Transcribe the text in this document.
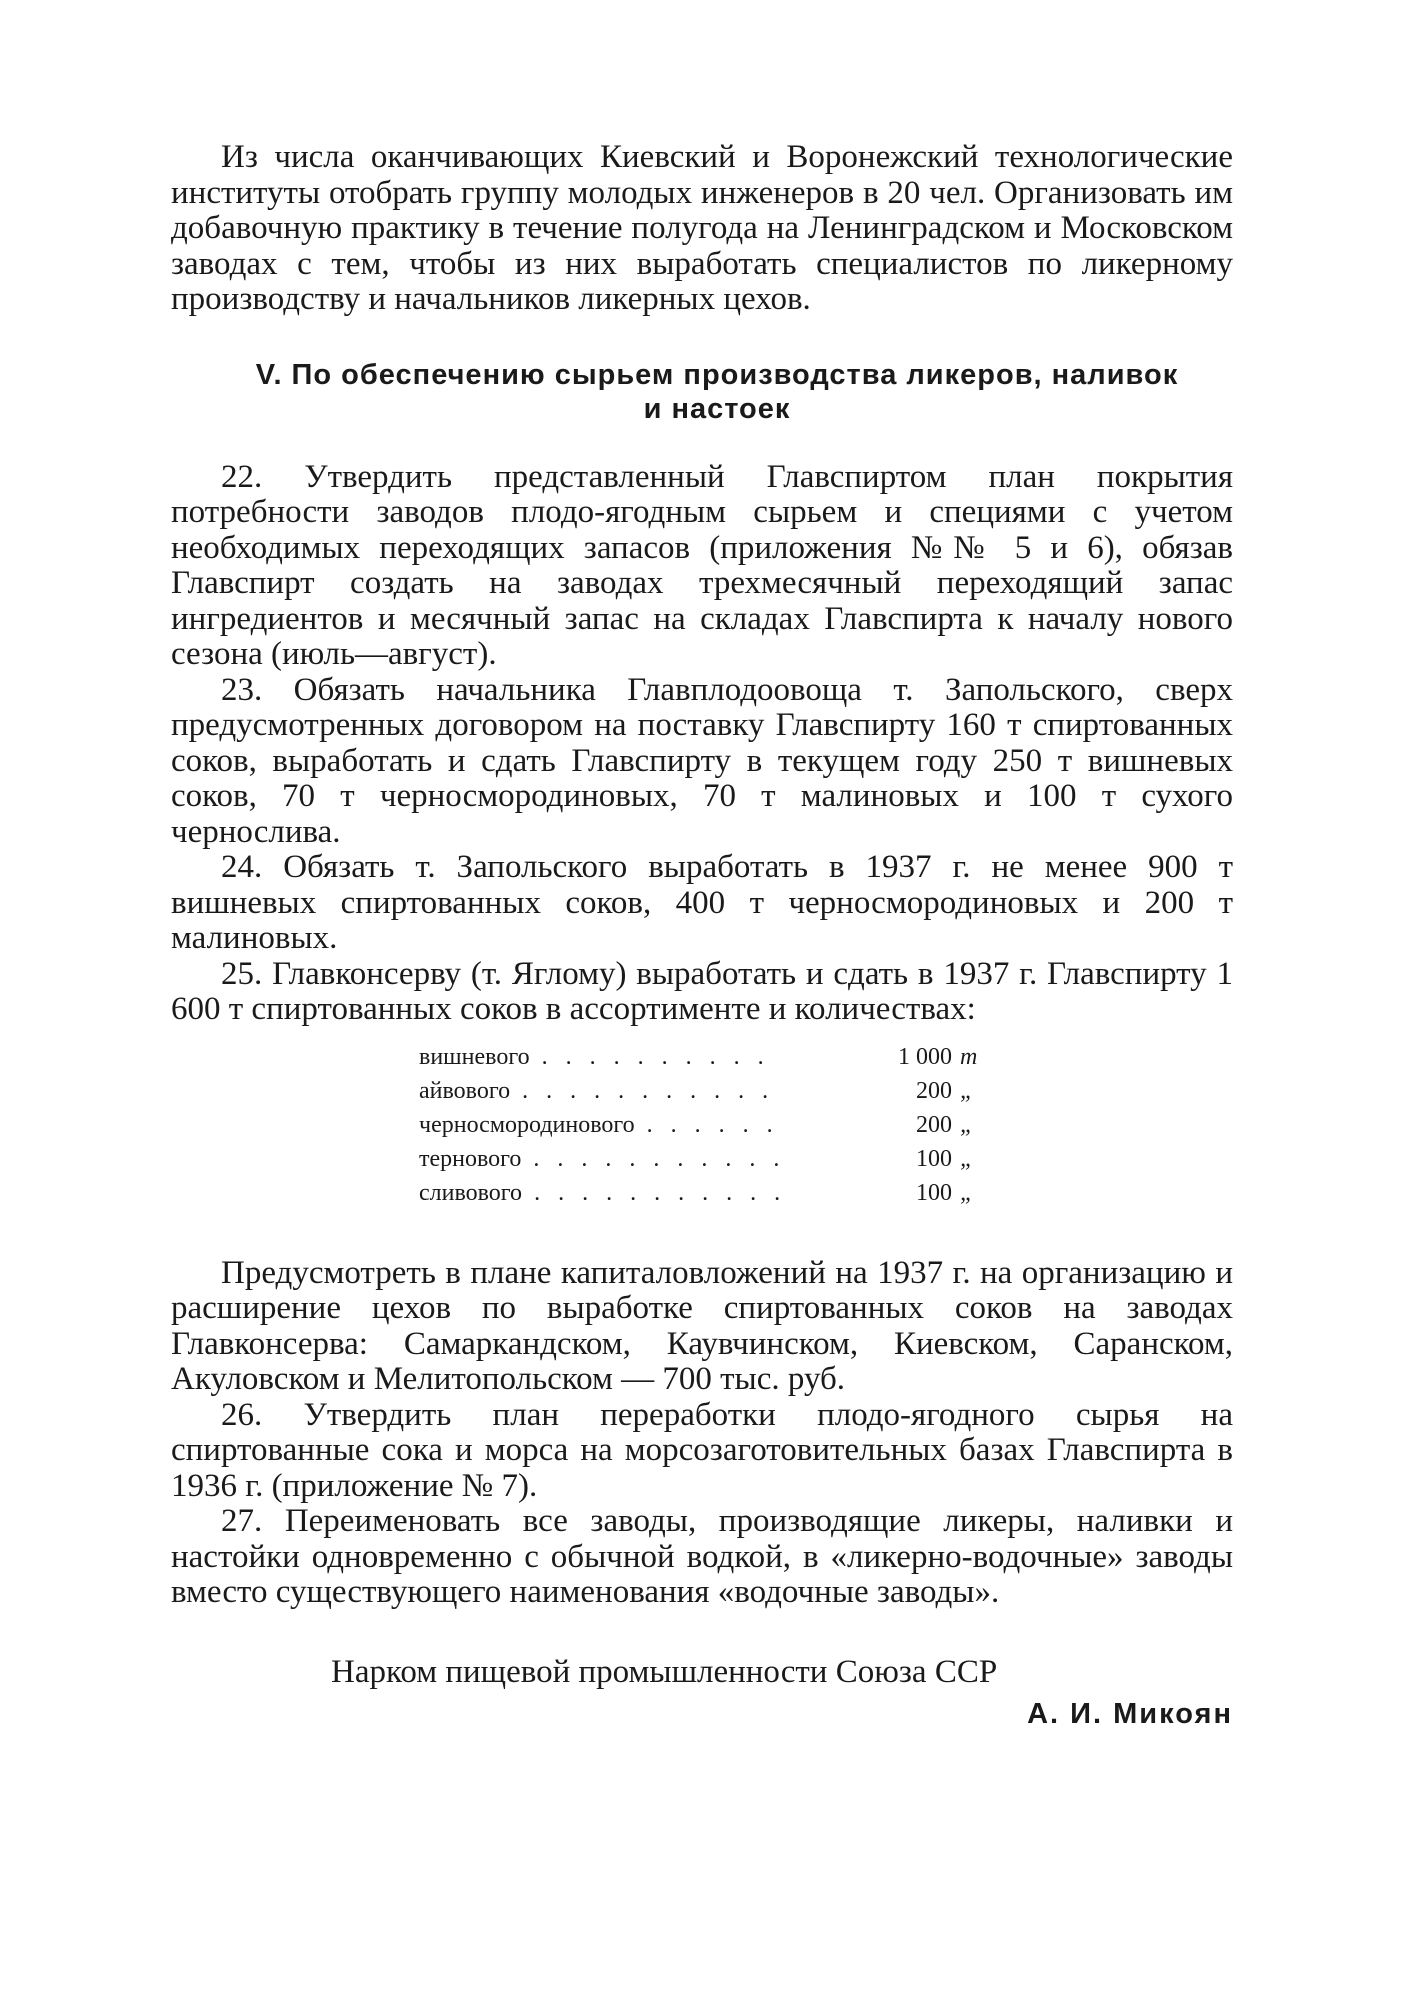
Из числа оканчивающих Киевский и Воронежский технологические институты отобрать группу молодых инженеров в 20 чел. Организовать им добавочную практику в течение полугода на Ленинградском и Московском заводах с тем, чтобы из них выработать специалистов по ликерному производству и начальников ликерных цехов.

V. По обеспечению сырьем производства ликеров, наливок
и настоек

22. Утвердить представленный Главспиртом план покрытия потребности заводов плодо-ягодным сырьем и специями с учетом необходимых переходящих запасов (приложения №№ 5 и 6), обязав Главспирт создать на заводах трехмесячный переходящий запас ингредиентов и месячный запас на складах Главспирта к началу нового сезона (июль—август).

23. Обязать начальника Главплодоовоща т. Запольского, сверх предусмотренных договором на поставку Главспирту 160 т спиртованных соков, выработать и сдать Главспирту в текущем году 250 т вишневых соков, 70 т черносмородиновых, 70 т малиновых и 100 т сухого чернослива.

24. Обязать т. Запольского выработать в 1937 г. не менее 900 т вишневых спиртованных соков, 400 т черносмородиновых и 200 т малиновых.

25. Главконсерву (т. Яглому) выработать и сдать в 1937 г. Главспирту 1 600 т спиртованных соков в ассортименте и количествах:

вишневого . . . . . . . . . .	1 000 т
айвового . . . . . . . . . . .	200 „
черносмородинового . . . . . .	200 „
тернового . . . . . . . . . . .	100 „
сливового . . . . . . . . . . .	100 „

Предусмотреть в плане капиталовложений на 1937 г. на организацию и расширение цехов по выработке спиртованных соков на заводах Главконсерва: Самаркандском, Каувчинском, Киевском, Саранском, Акуловском и Мелитопольском — 700 тыс. руб.

26. Утвердить план переработки плодо-ягодного сырья на спиртованные сока и морса на морсозаготовительных базах Главспирта в 1936 г. (приложение № 7).

27. Переименовать все заводы, производящие ликеры, наливки и настойки одновременно с обычной водкой, в «ликерно-водочные» заводы вместо существующего наименования «водочные заводы».

Нарком пищевой промышленности Союза ССР
А. И. Микоян
